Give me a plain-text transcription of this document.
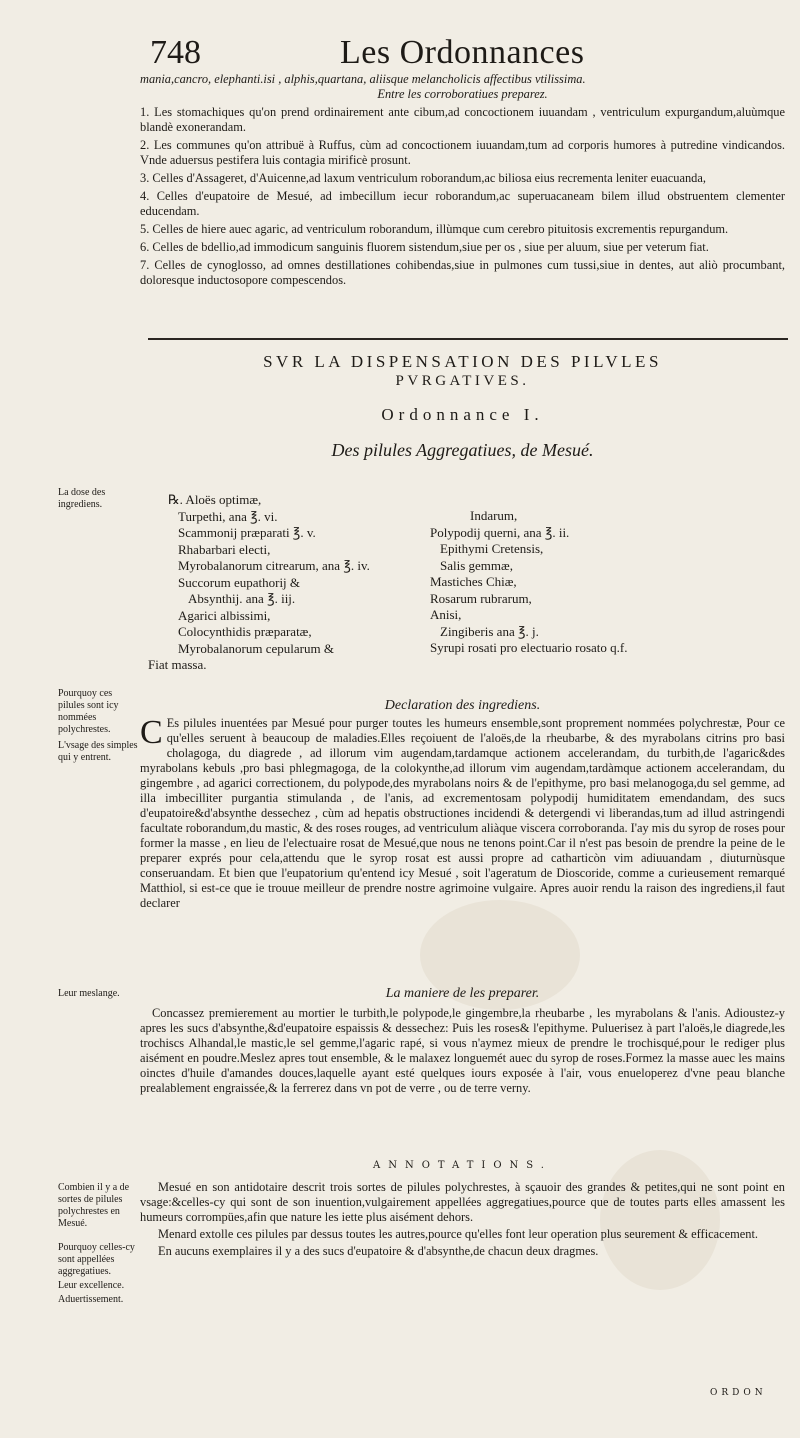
748	Les Ordonnances

mania,cancro, elephanti.isi , alphis,quartana, aliisque melancholicis affectibus vtilissima.

Entre les corroboratiues preparez.

1. Les stomachiques qu'on prend ordinairement ante cibum,ad concoctionem iuuandam , ventriculum expurgandum,aluùmque blandè exonerandam.

2. Les communes qu'on attribuë à Ruffus, cùm ad concoctionem iuuandam,tum ad corporis humores à putredine vindicandos. Vnde aduersus pestifera luis contagia mirificè prosunt.

3. Celles d'Assageret, d'Auicenne,ad laxum ventriculum roborandum,ac biliosa eius recrementa leniter euacuanda,

4. Celles d'eupatoire de Mesué, ad imbecillum iecur roborandum,ac superuacaneam bilem illud obstruentem clementer educendam.

5. Celles de hiere auec agaric, ad ventriculum roborandum, illùmque cum cerebro pituitosis excrementis repurgandum.

6. Celles de bdellio,ad immodicum sanguinis fluorem sistendum,siue per os , siue per aluum, siue per veterum fiat.

7. Celles de cynoglosso, ad omnes destillationes cohibendas,siue in pulmones cum tussi,siue in dentes, aut aliò procumbant, doloresque inductosopore compescendos.

SVR LA DISPENSATION DES PILVLES
PVRGATIVES.
Ordonnance I.
Des pilules Aggregatiues, de Mesué.
La dose des ingrediens.
Pourquoy ces pilules sont icy nommées polychrestes.
L'vsage des simples qui y entrent.
Leur meslange.
Combien il y a de sortes de pilules polychrestes en Mesué.
Pourquoy celles-cy sont appellées aggregatiues.
Leur excellence.
Aduertissement.
℞. Aloës optimæ,
Turpethi, ana ℥. vi.
Scammonij præparati ℥. v.
Rhabarbari electi,
Myrobalanorum citrearum, ana ℥. iv.
Succorum eupathorij &
Absynthij. ana ℥. iij.
Agarici albissimi,
Colocynthidis præparatæ,
Myrobalanorum cepularum &
Fiat massa.
Indarum,
Polypodij querni, ana ℥. ii.
Epithymi Cretensis,
Salis gemmæ,
Mastiches Chiæ,
Rosarum rubrarum,
Anisi,
Zingiberis ana ℥. j.
Syrupi rosati pro electuario rosato q.f.
Declaration des ingrediens.
C Es pilules inuentées par Mesué pour purger toutes les humeurs ensemble,sont proprement nommées polychrestæ, Pour ce qu'elles seruent à beaucoup de maladies.Elles reçoiuent de l'aloës,de la rheubarbe, & des myrabolans citrins pro basi cholagoga, du diagrede , ad illorum vim augendam,tardamque actionem accelerandam, du turbith,de l'agaric&des myrabolans kebuls ,pro basi phlegmagoga, de la colokynthe,ad illorum vim augendam,tardàmque actionem accelerandam, du gingembre , ad agarici correctionem, du polypode,des myrabolans noirs & de l'epithyme, pro basi melanogoga,du sel gemme, ad illa imbecilliter purgantia stimulanda , de l'anis, ad excrementosam polypodij humiditatem emendandam, des sucs d'eupatoire&d'absynthe dessechez , cùm ad hepatis obstructiones incidendi & detergendi vi liberandas,tum ad illud astringendi facultate roborandum,du mastic, & des roses rouges, ad ventriculum aliàque viscera corroboranda. I'ay mis du syrop de roses pour former la masse , en lieu de l'electuaire rosat de Mesué,que nous ne tenons point.Car il n'est pas besoin de prendre la peine de le preparer exprés pour cela,attendu que le syrop rosat est aussi propre ad catharticòn vim adiuuandam , diuturnùsque conseruandam. Et bien que l'eupatorium qu'entend icy Mesué , soit l'ageratum de Dioscoride, comme a curieusement remarqué Matthiol, si est-ce que ie trouue meilleur de prendre nostre agrimoine vulgaire. Apres auoir rendu la raison des ingrediens,il faut declarer

La maniere de les preparer.

Concassez premierement au mortier le turbith,le polypode,le gingembre,la rheubarbe , les myrabolans & l'anis. Adioustez-y apres les sucs d'absynthe,&d'eupatoire espaissis & dessechez: Puis les roses& l'epithyme. Puluerisez à part l'aloës,le diagrede,les trochiscs Alhandal,le mastic,le sel gemme,l'agaric rapé, si vous n'aymez mieux de prendre le trochisqué,pour le rediger plus aisément en poudre.Meslez apres tout ensemble, & le malaxez longuemét auec du syrop de roses.Formez la masse auec les mains oinctes d'huile d'amandes douces,laquelle ayant esté quelques iours exposée à l'air, vous enueloperez d'vne peau blanche prealablement engraissée,& la ferrerez dans vn pot de verre , ou de terre verny.

ANNOTATIONS.

Mesué en son antidotaire descrit trois sortes de pilules polychrestes, à sçauoir des grandes & petites,qui ne sont point en vsage:&celles-cy qui sont de son inuention,vulgairement appellées aggregatiues,pource que de toutes parts elles amassent les humeurs corrompües,afin que nature les iette plus aisément dehors.

Menard extolle ces pilules par dessus toutes les autres,pource qu'elles font leur operation plus seurement & efficacement.

En aucuns exemplaires il y a des sucs d'eupatoire & d'absynthe,de chacun deux dragmes.

ORDON
